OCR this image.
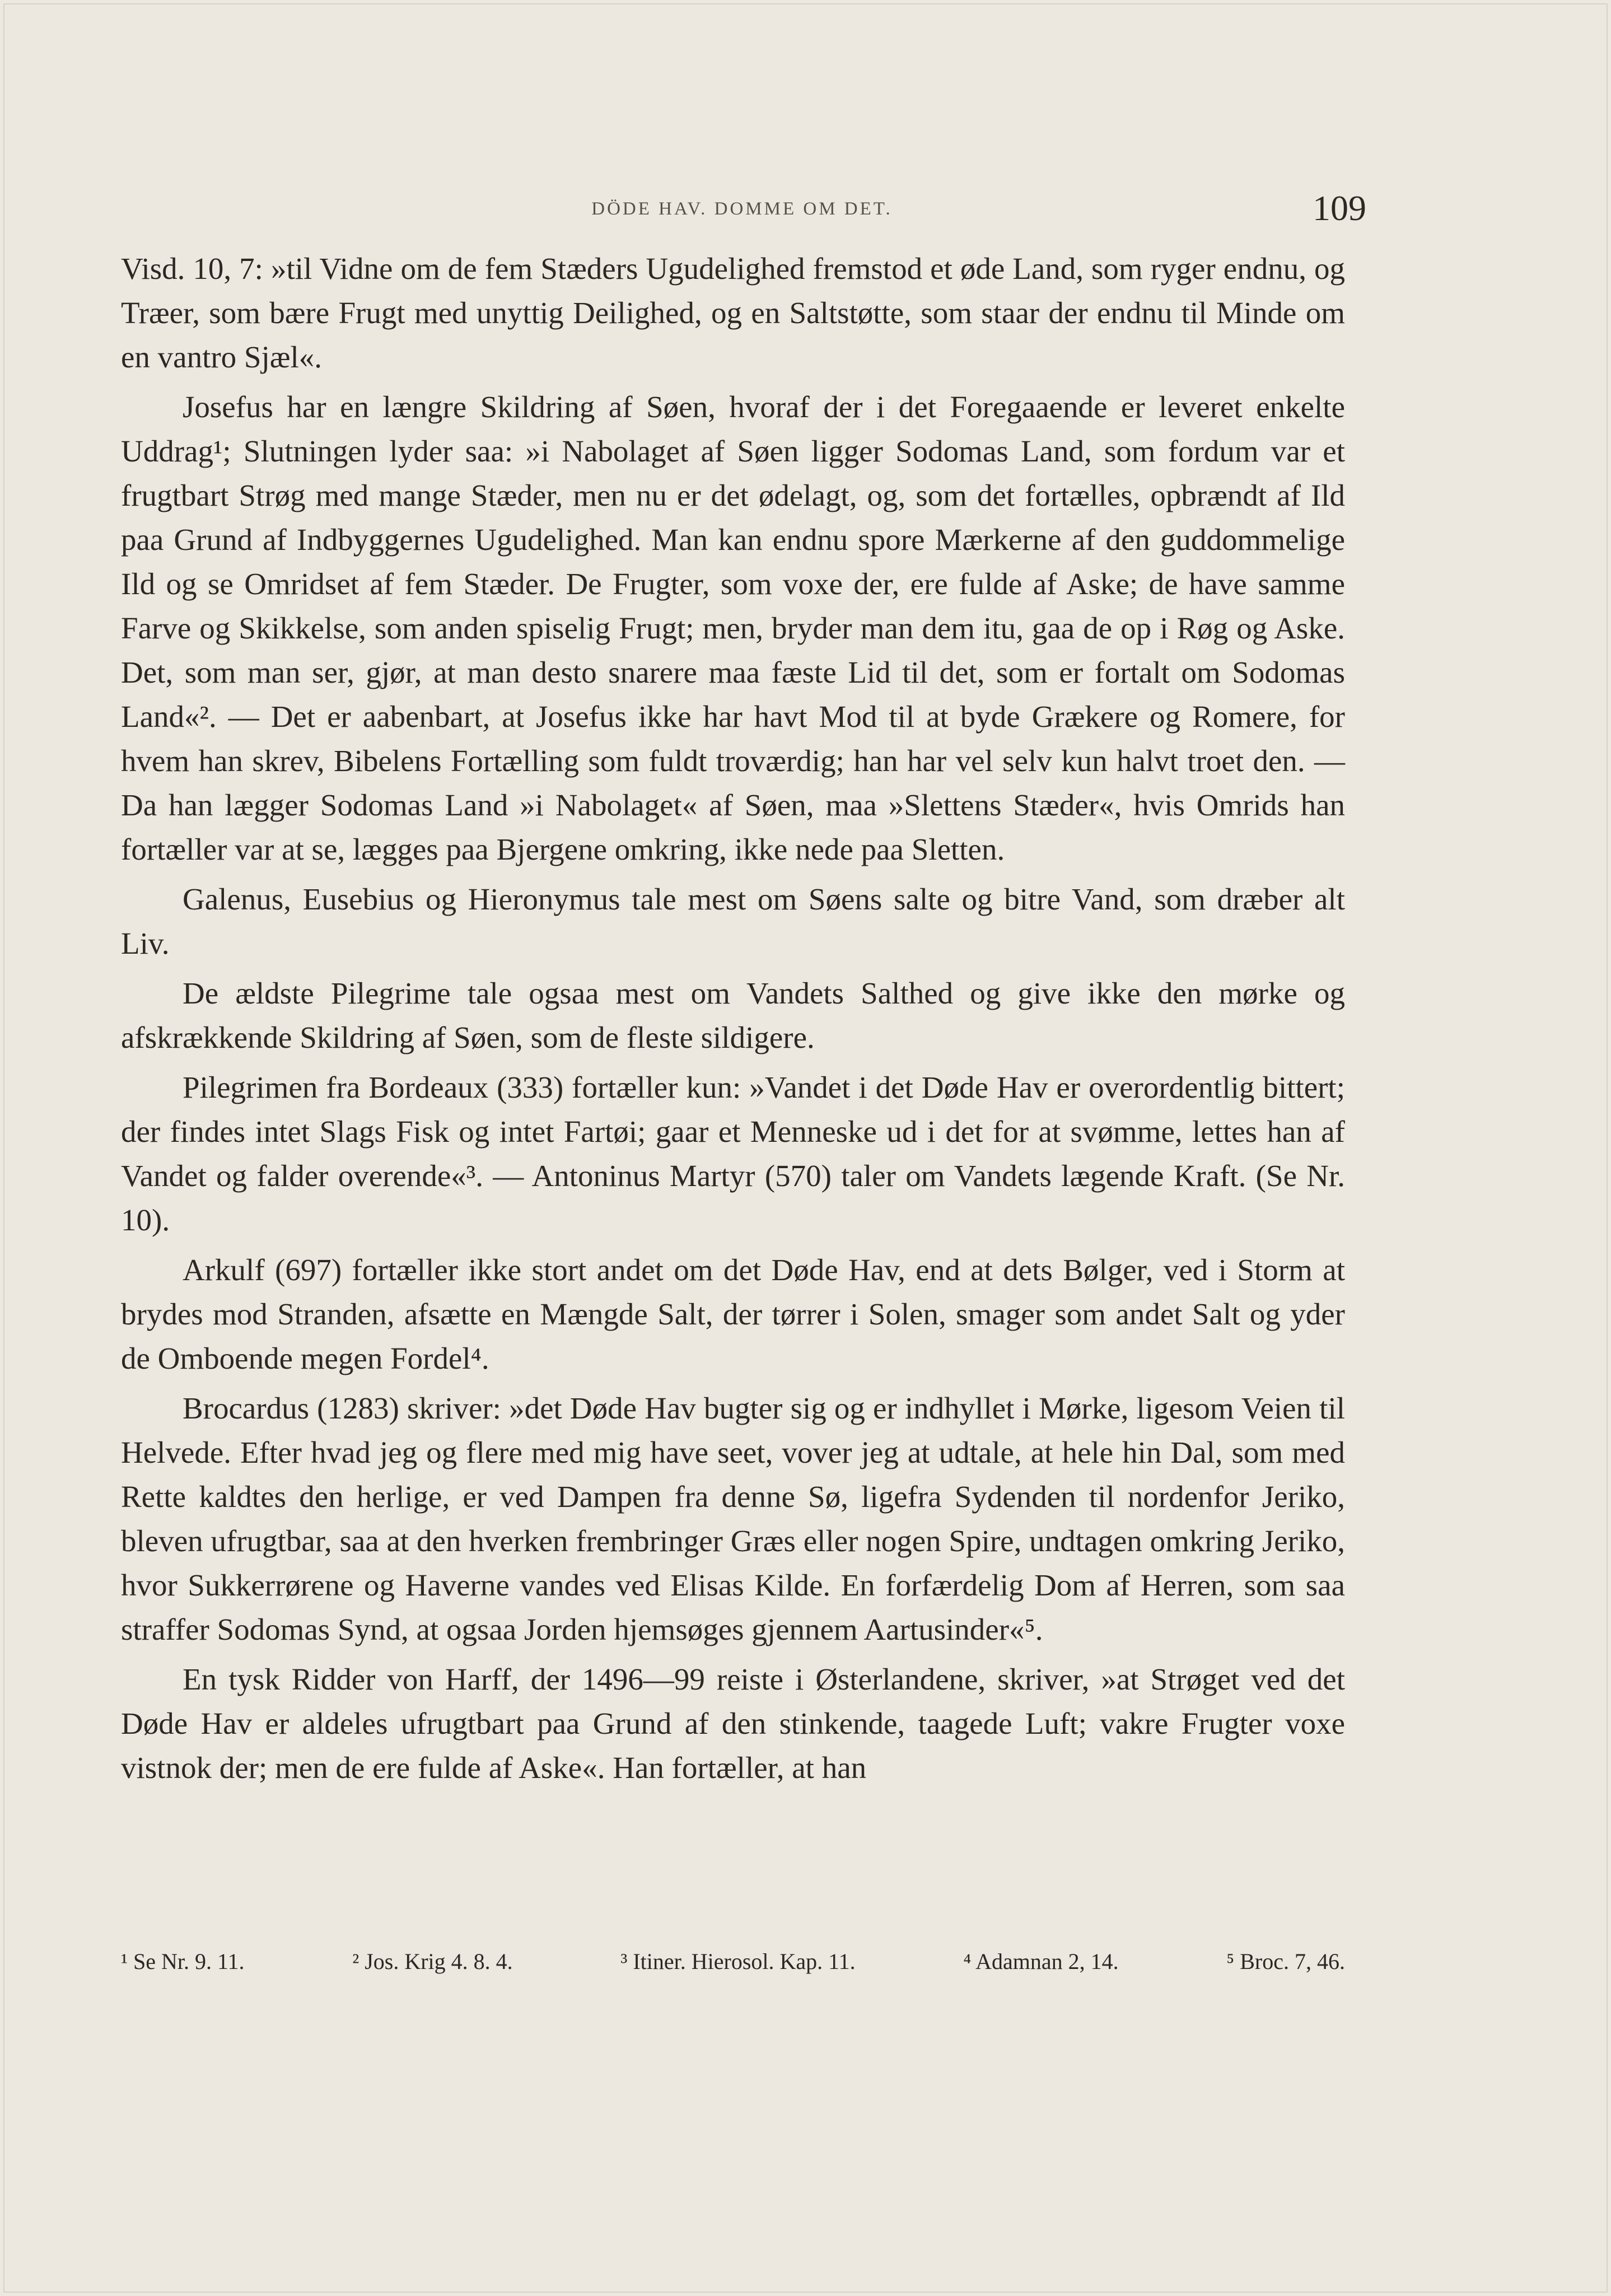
DÖDE HAV. DOMME OM DET.	109

Visd. 10, 7: »til Vidne om de fem Stæders Ugudelighed fremstod et øde Land, som ryger endnu, og Træer, som bære Frugt med unyttig Deilighed, og en Saltstøtte, som staar der endnu til Minde om en vantro Sjæl«.

Josefus har en længre Skildring af Søen, hvoraf der i det Foregaaende er leveret enkelte Uddrag¹; Slutningen lyder saa: »i Nabolaget af Søen ligger Sodomas Land, som fordum var et frugtbart Strøg med mange Stæder, men nu er det ødelagt, og, som det fortælles, opbrændt af Ild paa Grund af Indbyggernes Ugudelighed. Man kan endnu spore Mærkerne af den guddommelige Ild og se Omridset af fem Stæder. De Frugter, som voxe der, ere fulde af Aske; de have samme Farve og Skikkelse, som anden spiselig Frugt; men, bryder man dem itu, gaa de op i Røg og Aske. Det, som man ser, gjør, at man desto snarere maa fæste Lid til det, som er fortalt om Sodomas Land«². — Det er aabenbart, at Josefus ikke har havt Mod til at byde Grækere og Romere, for hvem han skrev, Bibelens Fortælling som fuldt troværdig; han har vel selv kun halvt troet den. — Da han lægger Sodomas Land »i Nabolaget« af Søen, maa »Slettens Stæder«, hvis Omrids han fortæller var at se, lægges paa Bjergene omkring, ikke nede paa Sletten.

Galenus, Eusebius og Hieronymus tale mest om Søens salte og bitre Vand, som dræber alt Liv.

De ældste Pilegrime tale ogsaa mest om Vandets Salthed og give ikke den mørke og afskrækkende Skildring af Søen, som de fleste sildigere.

Pilegrimen fra Bordeaux (333) fortæller kun: »Vandet i det Døde Hav er overordentlig bittert; der findes intet Slags Fisk og intet Fartøi; gaar et Menneske ud i det for at svømme, lettes han af Vandet og falder overende«³. — Antoninus Martyr (570) taler om Vandets lægende Kraft. (Se Nr. 10).

Arkulf (697) fortæller ikke stort andet om det Døde Hav, end at dets Bølger, ved i Storm at brydes mod Stranden, afsætte en Mængde Salt, der tørrer i Solen, smager som andet Salt og yder de Omboende megen Fordel⁴.

Brocardus (1283) skriver: »det Døde Hav bugter sig og er indhyllet i Mørke, ligesom Veien til Helvede. Efter hvad jeg og flere med mig have seet, vover jeg at udtale, at hele hin Dal, som med Rette kaldtes den herlige, er ved Dampen fra denne Sø, ligefra Sydenden til nordenfor Jeriko, bleven ufrugtbar, saa at den hverken frembringer Græs eller nogen Spire, undtagen omkring Jeriko, hvor Sukkerrørene og Haverne vandes ved Elisas Kilde. En forfærdelig Dom af Herren, som saa straffer Sodomas Synd, at ogsaa Jorden hjemsøges gjennem Aartusinder«⁵.

En tysk Ridder von Harff, der 1496—99 reiste i Østerlandene, skriver, »at Strøget ved det Døde Hav er aldeles ufrugtbart paa Grund af den stinkende, taagede Luft; vakre Frugter voxe vistnok der; men de ere fulde af Aske«. Han fortæller, at han

¹ Se Nr. 9. 11.	² Jos. Krig 4. 8. 4.	³ Itiner. Hierosol. Kap. 11.	⁴ Adamnan 2, 14.	⁵ Broc. 7, 46.
